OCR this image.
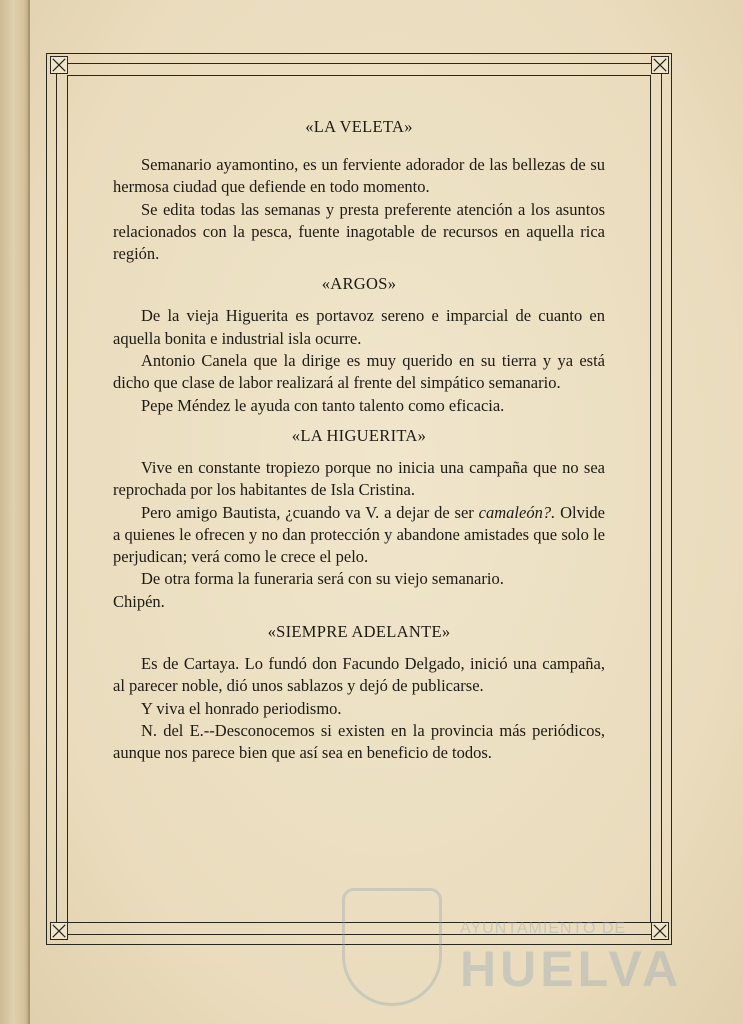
AYUNTAMIENTO DE
HUELVA
«LA VELETA»

Semanario ayamontino, es un ferviente adorador de las bellezas de su hermosa ciudad que defiende en todo momento.

Se edita todas las semanas y presta preferente atención a los asuntos relacionados con la pesca, fuente inagotable de recursos en aquella rica región.

«ARGOS»

De la vieja Higuerita es portavoz sereno e imparcial de cuanto en aquella bonita e industrial isla ocurre.

Antonio Canela que la dirige es muy querido en su tierra y ya está dicho que clase de labor realizará al frente del simpático semanario.

Pepe Méndez le ayuda con tanto talento como eficacia.

«LA HIGUERITA»

Vive en constante tropiezo porque no inicia una campaña que no sea reprochada por los habitantes de Isla Cristina.

Pero amigo Bautista, ¿cuando va V. a dejar de ser camaleón?. Olvide a quienes le ofrecen y no dan protección y abandone amistades que solo le perjudican; verá como le crece el pelo.

De otra forma la funeraria será con su viejo semanario.

Chipén.

«SIEMPRE ADELANTE»

Es de Cartaya. Lo fundó don Facundo Delgado, inició una campaña, al parecer noble, dió unos sablazos y dejó de publicarse.

Y viva el honrado periodismo.

N. del E.--Desconocemos si existen en la provincia más periódicos, aunque nos parece bien que así sea en beneficio de todos.
